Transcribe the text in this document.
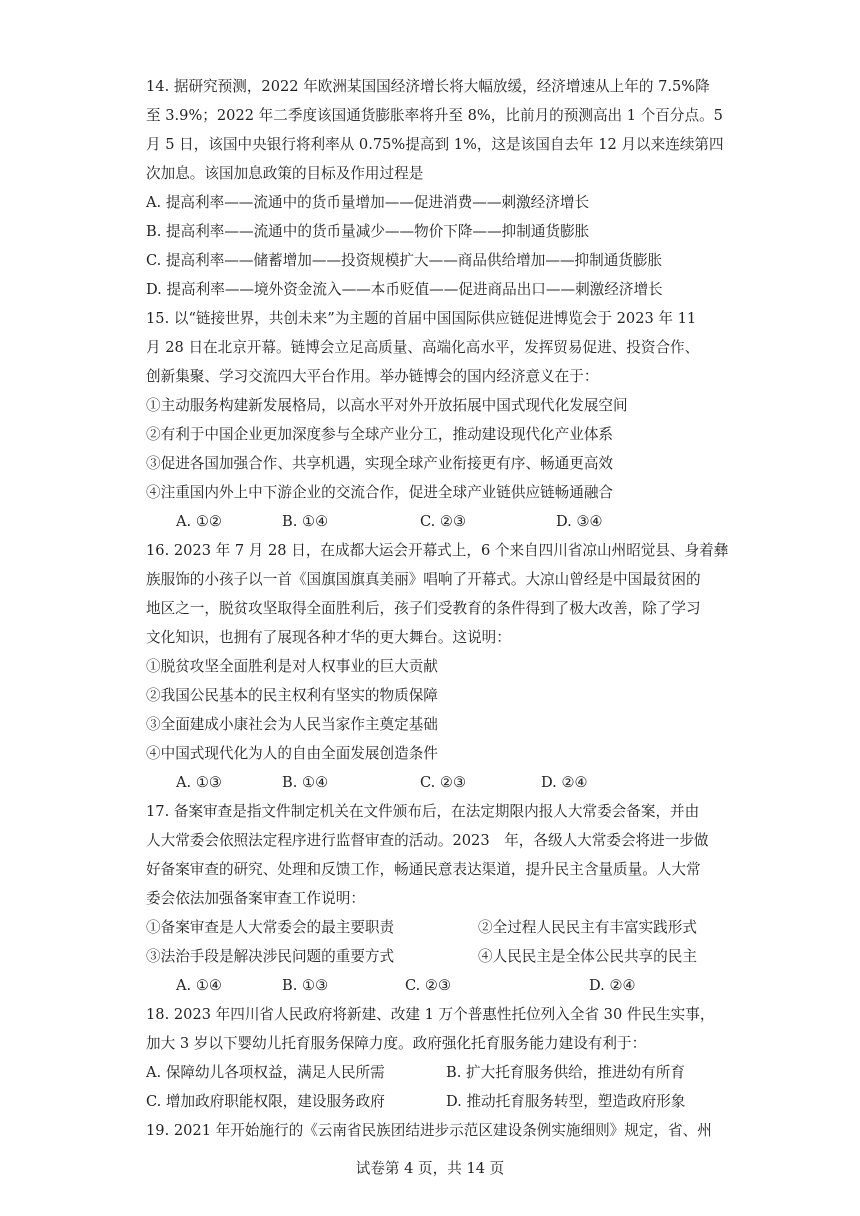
14. 据研究预测，2022 年欧洲某国国经济增长将大幅放缓，经济增速从上年的 7.5%降
至 3.9%；2022 年二季度该国通货膨胀率将升至 8%，比前月的预测高出 1 个百分点。5
月 5 日，该国中央银行将利率从 0.75%提高到 1%，这是该国自去年 12 月以来连续第四
次加息。该国加息政策的目标及作用过程是
A. 提高利率——流通中的货币量增加——促进消费——刺激经济增长
B. 提高利率——流通中的货币量减少——物价下降——抑制通货膨胀
C. 提高利率——储蓄增加——投资规模扩大——商品供给增加——抑制通货膨胀
D. 提高利率——境外资金流入——本币贬值——促进商品出口——刺激经济增长
15. 以“链接世界，共创未来”为主题的首届中国国际供应链促进博览会于 2023 年 11
月 28 日在北京开幕。链博会立足高质量、高端化高水平，发挥贸易促进、投资合作、
创新集聚、学习交流四大平台作用。举办链博会的国内经济意义在于：
①主动服务构建新发展格局，以高水平对外开放拓展中国式现代化发展空间
②有利于中国企业更加深度参与全球产业分工，推动建设现代化产业体系
③促进各国加强合作、共享机遇，实现全球产业衔接更有序、畅通更高效
④注重国内外上中下游企业的交流合作，促进全球产业链供应链畅通融合
A. ①②	B. ①④	C. ②③	D. ③④
16. 2023 年 7 月 28 日，在成都大运会开幕式上，6 个来自四川省凉山州昭觉县、身着彝
族服饰的小孩子以一首《国旗国旗真美丽》唱响了开幕式。大凉山曾经是中国最贫困的
地区之一，脱贫攻坚取得全面胜利后，孩子们受教育的条件得到了极大改善，除了学习
文化知识，也拥有了展现各种才华的更大舞台。这说明：
①脱贫攻坚全面胜利是对人权事业的巨大贡献
②我国公民基本的民主权利有坚实的物质保障
③全面建成小康社会为人民当家作主奠定基础
④中国式现代化为人的自由全面发展创造条件
A. ①③	B. ①④	C. ②③	D. ②④
17. 备案审查是指文件制定机关在文件颁布后，在法定期限内报人大常委会备案，并由
人大常委会依照法定程序进行监督审查的活动。2023　年，各级人大常委会将进一步做
好备案审查的研究、处理和反馈工作，畅通民意表达渠道，提升民主含量质量。人大常
委会依法加强备案审查工作说明：
①备案审查是人大常委会的最主要职责	②全过程人民民主有丰富实践形式
③法治手段是解决涉民问题的重要方式	④人民民主是全体公民共享的民主
A. ①④	B. ①③	C. ②③	D. ②④
18. 2023 年四川省人民政府将新建、改建 1 万个普惠性托位列入全省 30 件民生实事，
加大 3 岁以下婴幼儿托育服务保障力度。政府强化托育服务能力建设有利于：
A. 保障幼儿各项权益，满足人民所需	B. 扩大托育服务供给，推进幼有所育
C. 增加政府职能权限，建设服务政府	D. 推动托育服务转型，塑造政府形象
19. 2021 年开始施行的《云南省民族团结进步示范区建设条例实施细则》规定，省、州
试卷第 4 页，共 14 页
